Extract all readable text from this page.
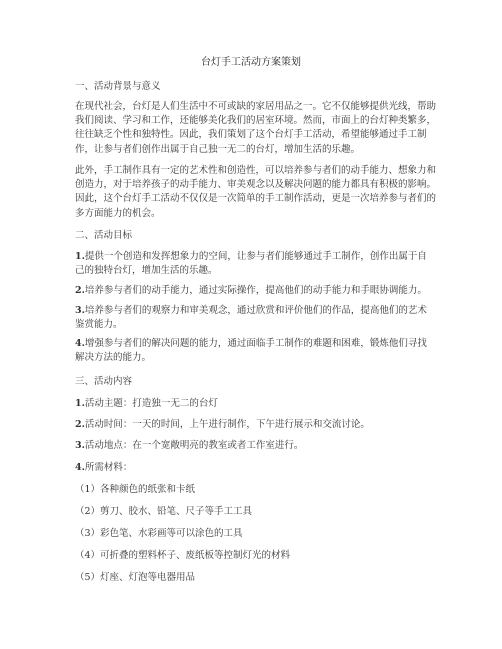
台灯手工活动方案策划
一、活动背景与意义
在现代社会，台灯是人们生活中不可或缺的家居用品之一。它不仅能够提供光线，帮助我们阅读、学习和工作，还能够美化我们的居室环境。然而，市面上的台灯种类繁多，往往缺乏个性和独特性。因此，我们策划了这个台灯手工活动，希望能够通过手工制作，让参与者们创作出属于自己独一无二的台灯，增加生活的乐趣。
此外，手工制作具有一定的艺术性和创造性，可以培养参与者们的动手能力、想象力和创造力，对于培养孩子的动手能力、审美观念以及解决问题的能力都具有积极的影响。因此，这个台灯手工活动不仅仅是一次简单的手工制作活动，更是一次培养参与者们的多方面能力的机会。
二、活动目标
1.提供一个创造和发挥想象力的空间，让参与者们能够通过手工制作，创作出属于自己的独特台灯，增加生活的乐趣。
2.培养参与者们的动手能力，通过实际操作，提高他们的动手能力和手眼协调能力。
3.培养参与者们的观察力和审美观念，通过欣赏和评价他们的作品，提高他们的艺术鉴赏能力。
4.增强参与者们的解决问题的能力，通过面临手工制作的难题和困难，锻炼他们寻找解决方法的能力。
三、活动内容
1.活动主题：打造独一无二的台灯
2.活动时间：一天的时间，上午进行制作，下午进行展示和交流讨论。
3.活动地点：在一个宽敞明亮的教室或者工作室进行。
4.所需材料：
（1）各种颜色的纸张和卡纸
（2）剪刀、胶水、铅笔、尺子等手工工具
（3）彩色笔、水彩画等可以涂色的工具
（4）可折叠的塑料杯子、废纸板等控制灯光的材料
（5）灯座、灯泡等电器用品
